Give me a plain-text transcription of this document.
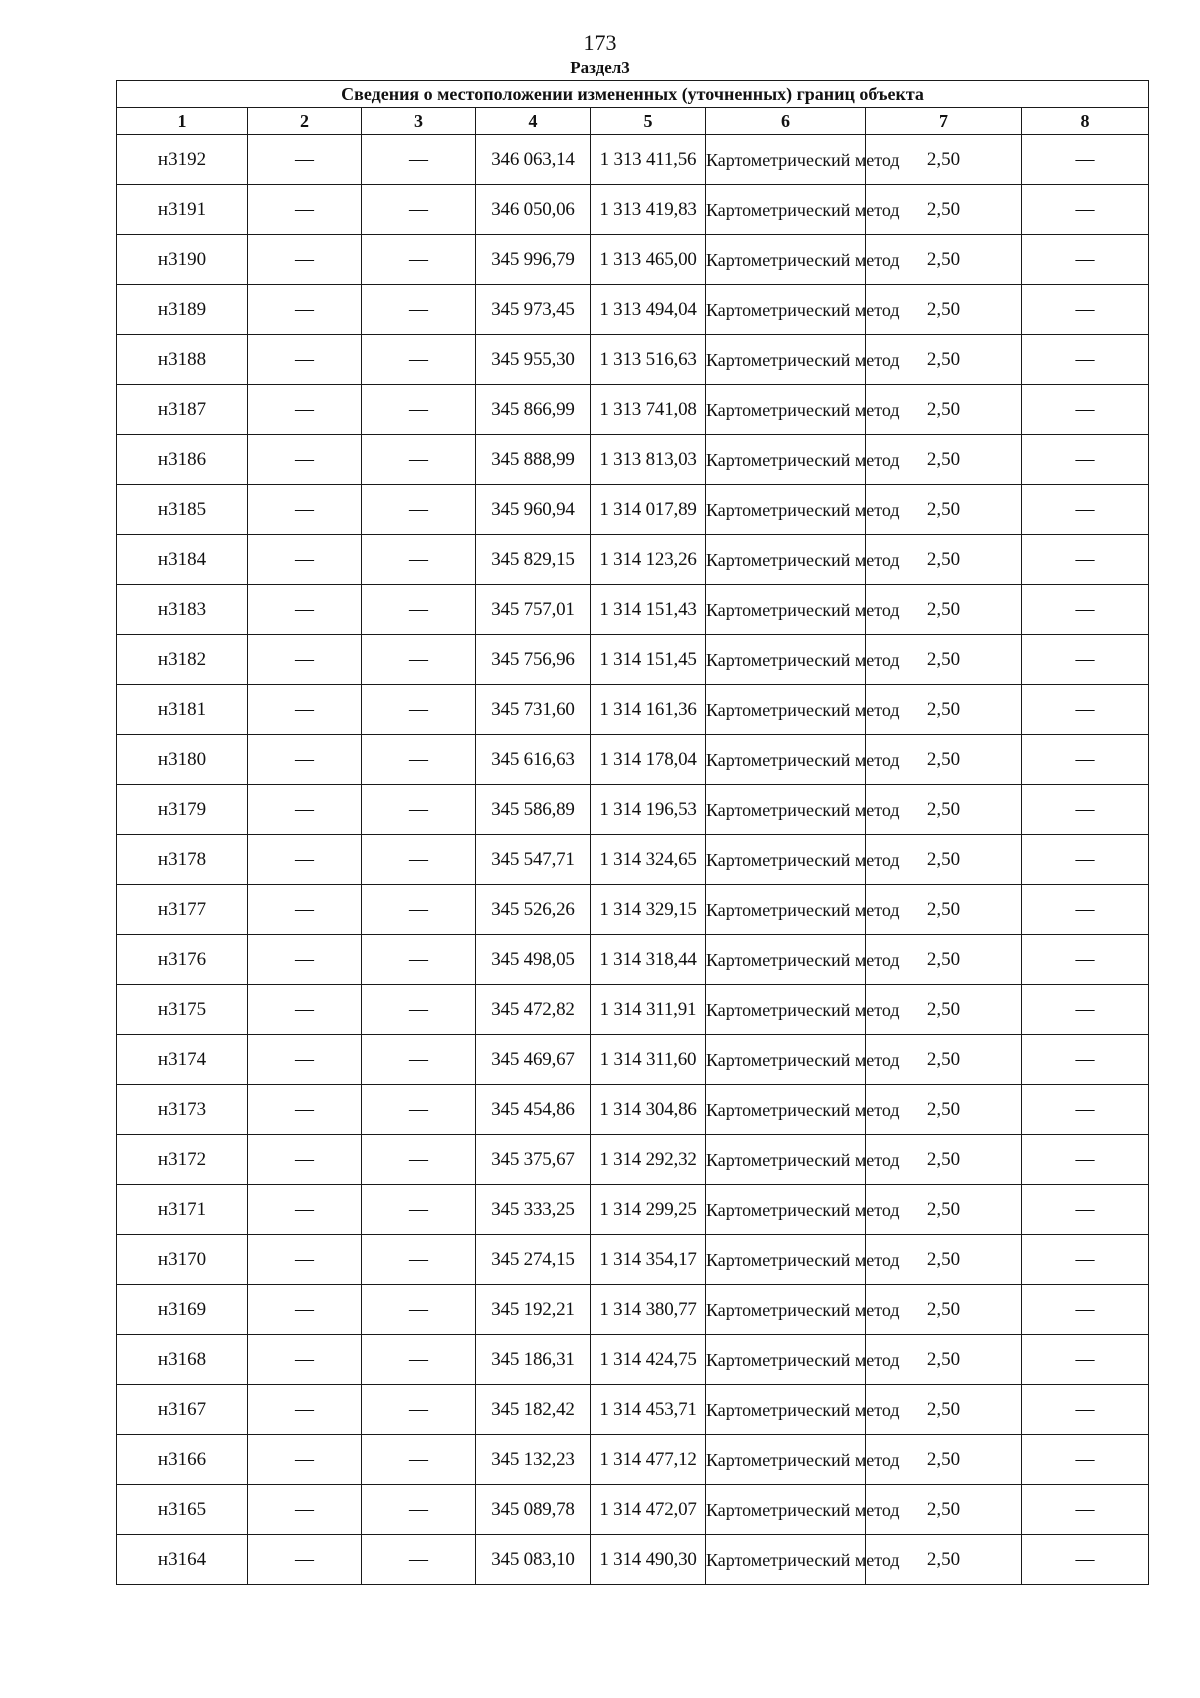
173
Раздел3
Сведения о местоположении измененных (уточненных) границ объекта							
1	2	3	4	5	6	7	8
н3192	—	—	346 063,14	1 313 411,56	Картометрический метод	2,50	—
н3191	—	—	346 050,06	1 313 419,83	Картометрический метод	2,50	—
н3190	—	—	345 996,79	1 313 465,00	Картометрический метод	2,50	—
н3189	—	—	345 973,45	1 313 494,04	Картометрический метод	2,50	—
н3188	—	—	345 955,30	1 313 516,63	Картометрический метод	2,50	—
н3187	—	—	345 866,99	1 313 741,08	Картометрический метод	2,50	—
н3186	—	—	345 888,99	1 313 813,03	Картометрический метод	2,50	—
н3185	—	—	345 960,94	1 314 017,89	Картометрический метод	2,50	—
н3184	—	—	345 829,15	1 314 123,26	Картометрический метод	2,50	—
н3183	—	—	345 757,01	1 314 151,43	Картометрический метод	2,50	—
н3182	—	—	345 756,96	1 314 151,45	Картометрический метод	2,50	—
н3181	—	—	345 731,60	1 314 161,36	Картометрический метод	2,50	—
н3180	—	—	345 616,63	1 314 178,04	Картометрический метод	2,50	—
н3179	—	—	345 586,89	1 314 196,53	Картометрический метод	2,50	—
н3178	—	—	345 547,71	1 314 324,65	Картометрический метод	2,50	—
н3177	—	—	345 526,26	1 314 329,15	Картометрический метод	2,50	—
н3176	—	—	345 498,05	1 314 318,44	Картометрический метод	2,50	—
н3175	—	—	345 472,82	1 314 311,91	Картометрический метод	2,50	—
н3174	—	—	345 469,67	1 314 311,60	Картометрический метод	2,50	—
н3173	—	—	345 454,86	1 314 304,86	Картометрический метод	2,50	—
н3172	—	—	345 375,67	1 314 292,32	Картометрический метод	2,50	—
н3171	—	—	345 333,25	1 314 299,25	Картометрический метод	2,50	—
н3170	—	—	345 274,15	1 314 354,17	Картометрический метод	2,50	—
н3169	—	—	345 192,21	1 314 380,77	Картометрический метод	2,50	—
н3168	—	—	345 186,31	1 314 424,75	Картометрический метод	2,50	—
н3167	—	—	345 182,42	1 314 453,71	Картометрический метод	2,50	—
н3166	—	—	345 132,23	1 314 477,12	Картометрический метод	2,50	—
н3165	—	—	345 089,78	1 314 472,07	Картометрический метод	2,50	—
н3164	—	—	345 083,10	1 314 490,30	Картометрический метод	2,50	—
